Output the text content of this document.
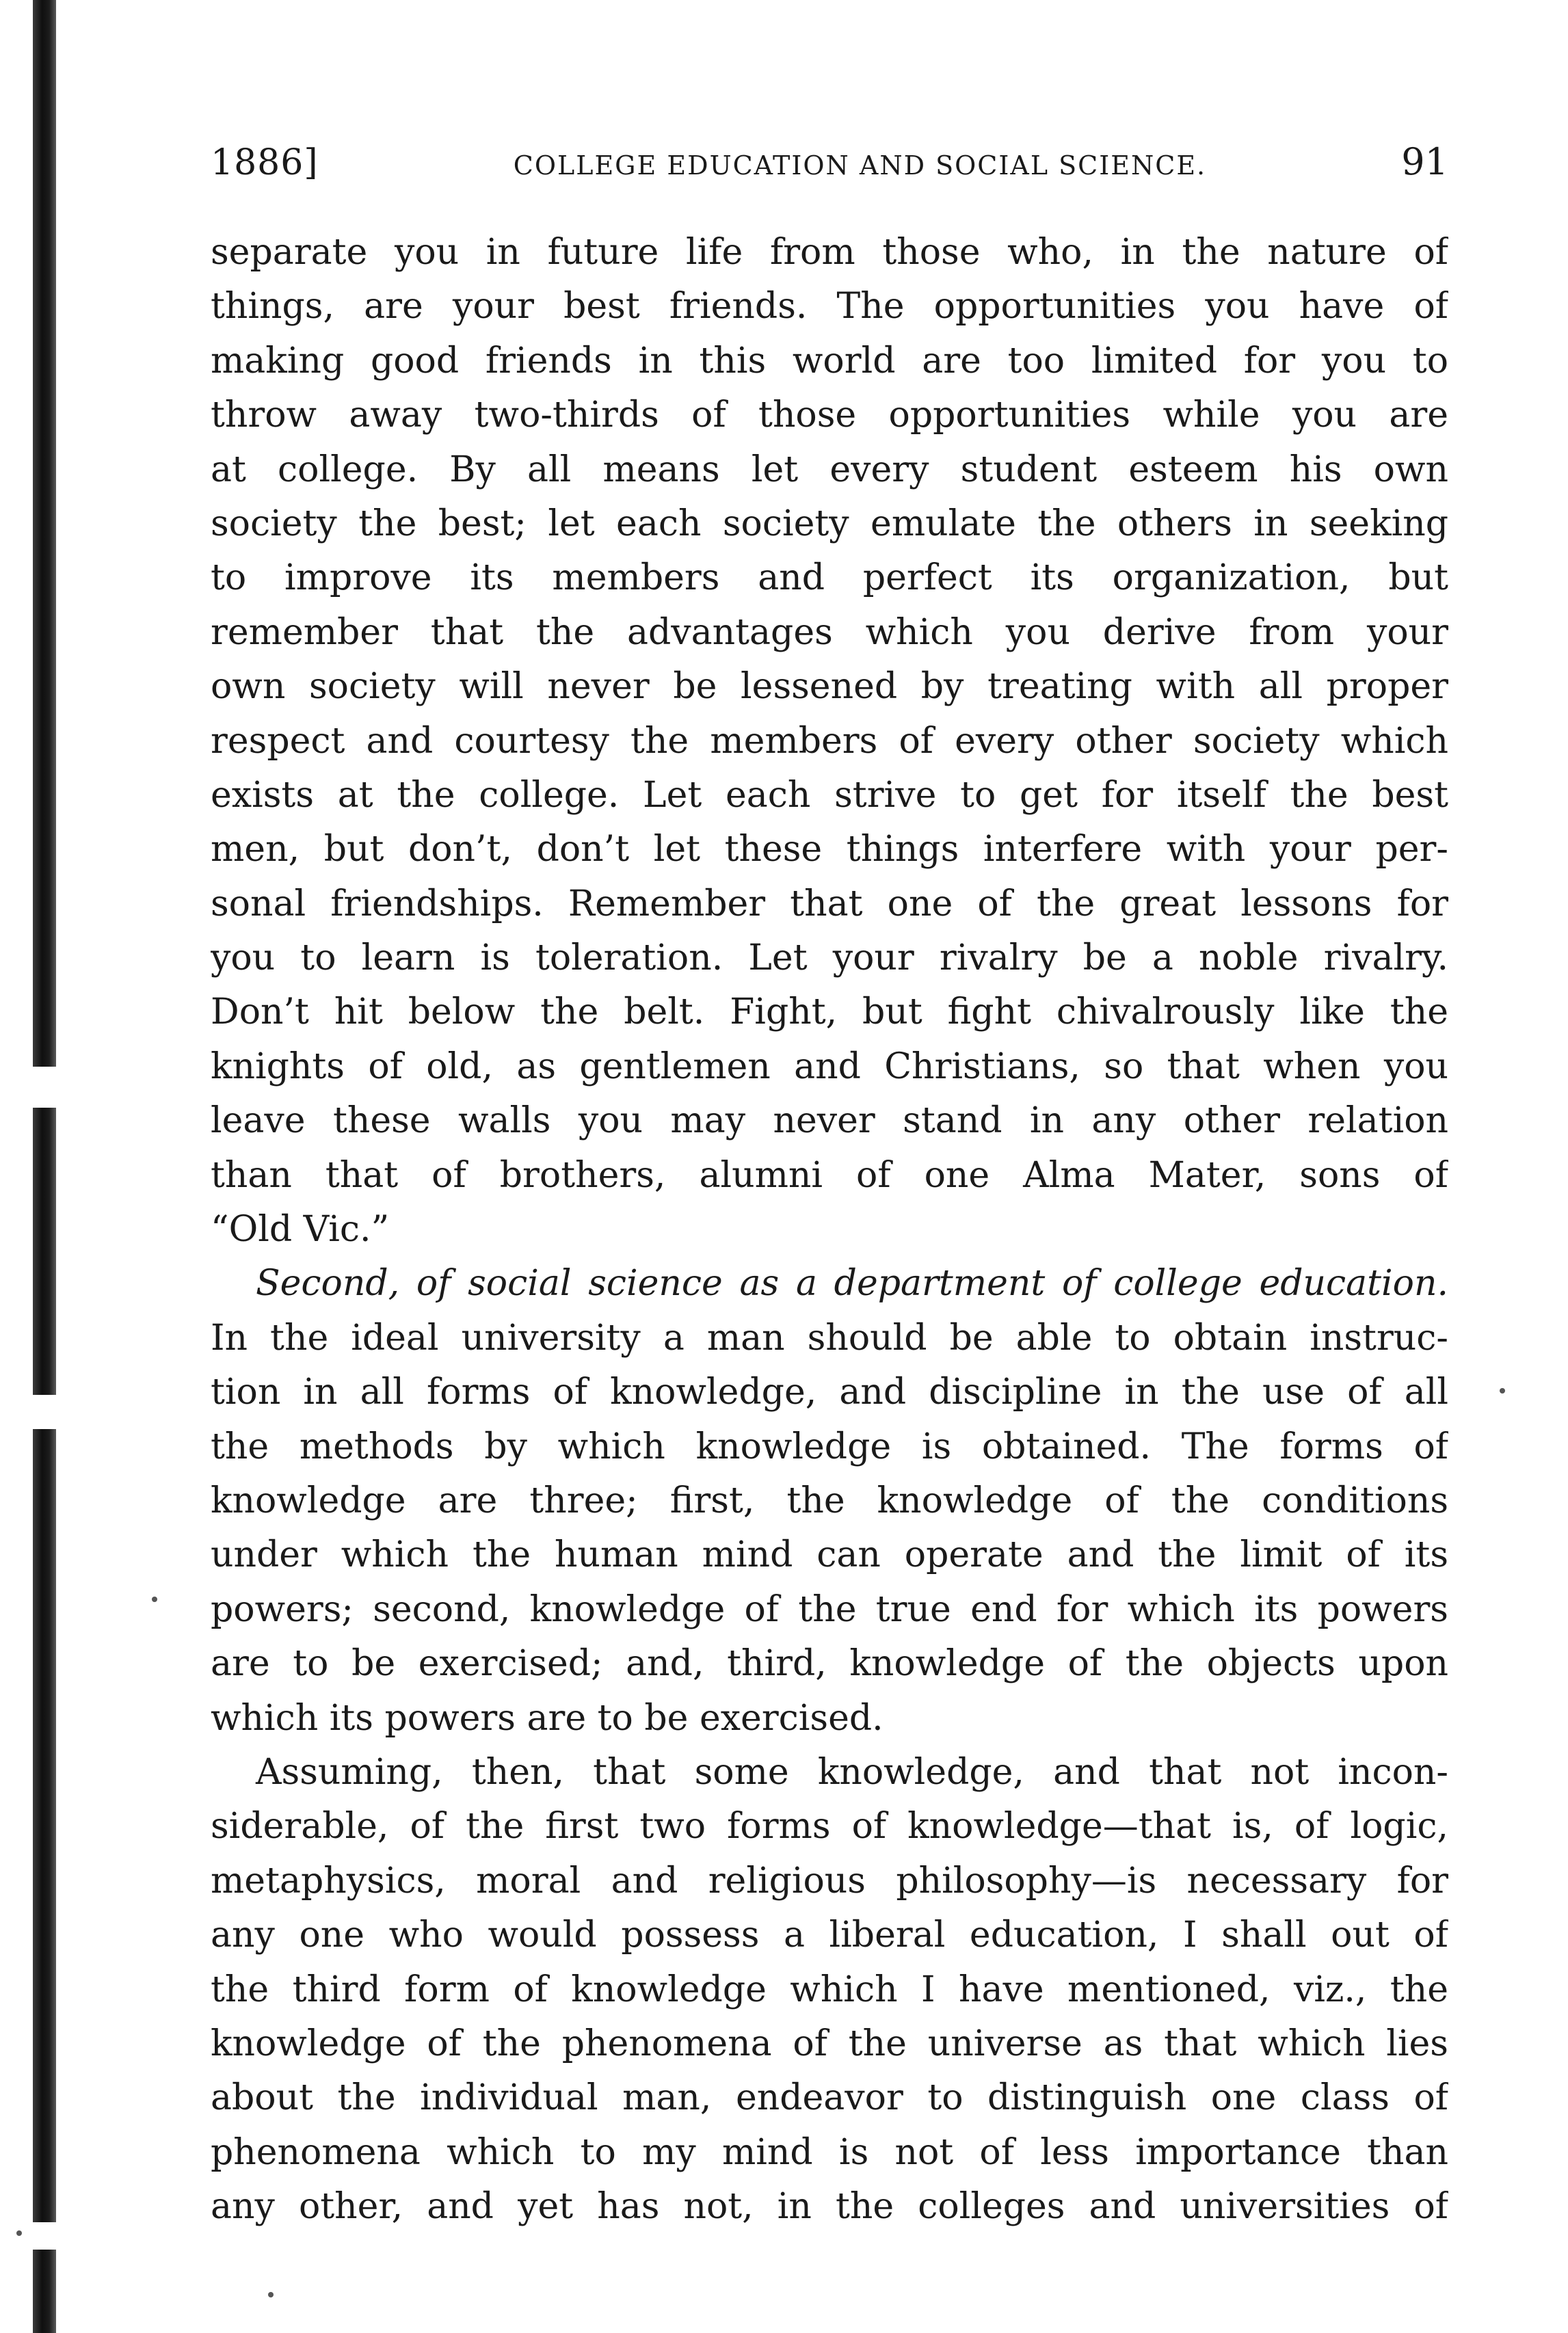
1886]	COLLEGE EDUCATION AND SOCIAL SCIENCE.	91
separate you in future life from those who, in the nature of
things, are your best friends. The opportunities you have of
making good friends in this world are too limited for you to
throw away two-thirds of those opportunities while you are
at college. By all means let every student esteem his own
society the best; let each society emulate the others in seeking
to improve its members and perfect its organization, but
remember that the advantages which you derive from your
own society will never be lessened by treating with all proper
respect and courtesy the members of every other society which
exists at the college. Let each strive to get for itself the best
men, but don’t, don’t let these things interfere with your per-
sonal friendships. Remember that one of the great lessons for
you to learn is toleration. Let your rivalry be a noble rivalry.
Don’t hit below the belt. Fight, but fight chivalrously like the
knights of old, as gentlemen and Christians, so that when you
leave these walls you may never stand in any other relation
than that of brothers, alumni of one Alma Mater, sons of
“Old Vic.”
Second, of social science as a department of college education.
In the ideal university a man should be able to obtain instruc-
tion in all forms of knowledge, and discipline in the use of all
the methods by which knowledge is obtained. The forms of
knowledge are three; first, the knowledge of the conditions
under which the human mind can operate and the limit of its
powers; second, knowledge of the true end for which its powers
are to be exercised; and, third, knowledge of the objects upon
which its powers are to be exercised.
Assuming, then, that some knowledge, and that not incon-
siderable, of the first two forms of knowledge—that is, of logic,
metaphysics, moral and religious philosophy—is necessary for
any one who would possess a liberal education, I shall out of
the third form of knowledge which I have mentioned, viz., the
knowledge of the phenomena of the universe as that which lies
about the individual man, endeavor to distinguish one class of
phenomena which to my mind is not of less importance than
any other, and yet has not, in the colleges and universities of
